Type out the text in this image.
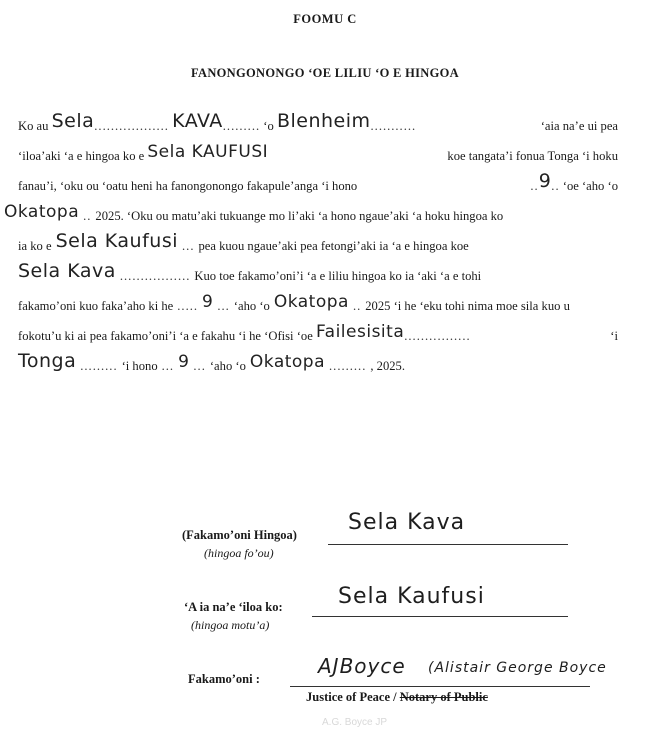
FOOMU C
FANONGONONGO ‘OE LILIU ‘O E HINGOA
Ko au Sela.................. KAVA......... ‘o Blenheim...........	‘aia na’e ui pea
‘iloa’aki ‘a e hingoa ko e Sela KAUFUSI	koe tangata’i fonua Tonga ‘i hoku
fanau’i, ‘oku ou ‘oatu heni ha fanongonongo fakapule’anga ‘i hono	..9.. ‘oe ‘aho ‘o
Okatopa .. 2025. ‘Oku ou matu’aki tukuange mo li’aki ‘a hono ngaue’aki ‘a hoku hingoa ko
ia ko e Sela Kaufusi ... pea kuou ngaue’aki pea fetongi’aki ia ‘a e hingoa koe
Sela Kava ................. Kuo toe fakamo’oni’i ‘a e liliu hingoa ko ia ‘aki ‘a e tohi
fakamo’oni kuo faka’aho ki he ..... 9 ... ‘aho ‘o Okatopa .. 2025 ‘i he ‘eku tohi nima moe sila kuo u
fokotu’u ki ai pea fakamo’oni’i ‘a e fakahu ‘i he ‘Ofisi ‘oe Failesisita................	‘i
Tonga ......... ‘i hono ... 9 ... ‘aho ‘o Okatopa ......... , 2025.
(Fakamo’oni Hingoa)
(hingoa fo’ou)
Sela Kava
‘A ia na’e ‘iloa ko:
(hingoa motu’a)
Sela Kaufusi
Fakamo’oni :
AJBoyce (Alistair George Boyce
Justice of Peace / Notary of Public
A.G. Boyce JP
